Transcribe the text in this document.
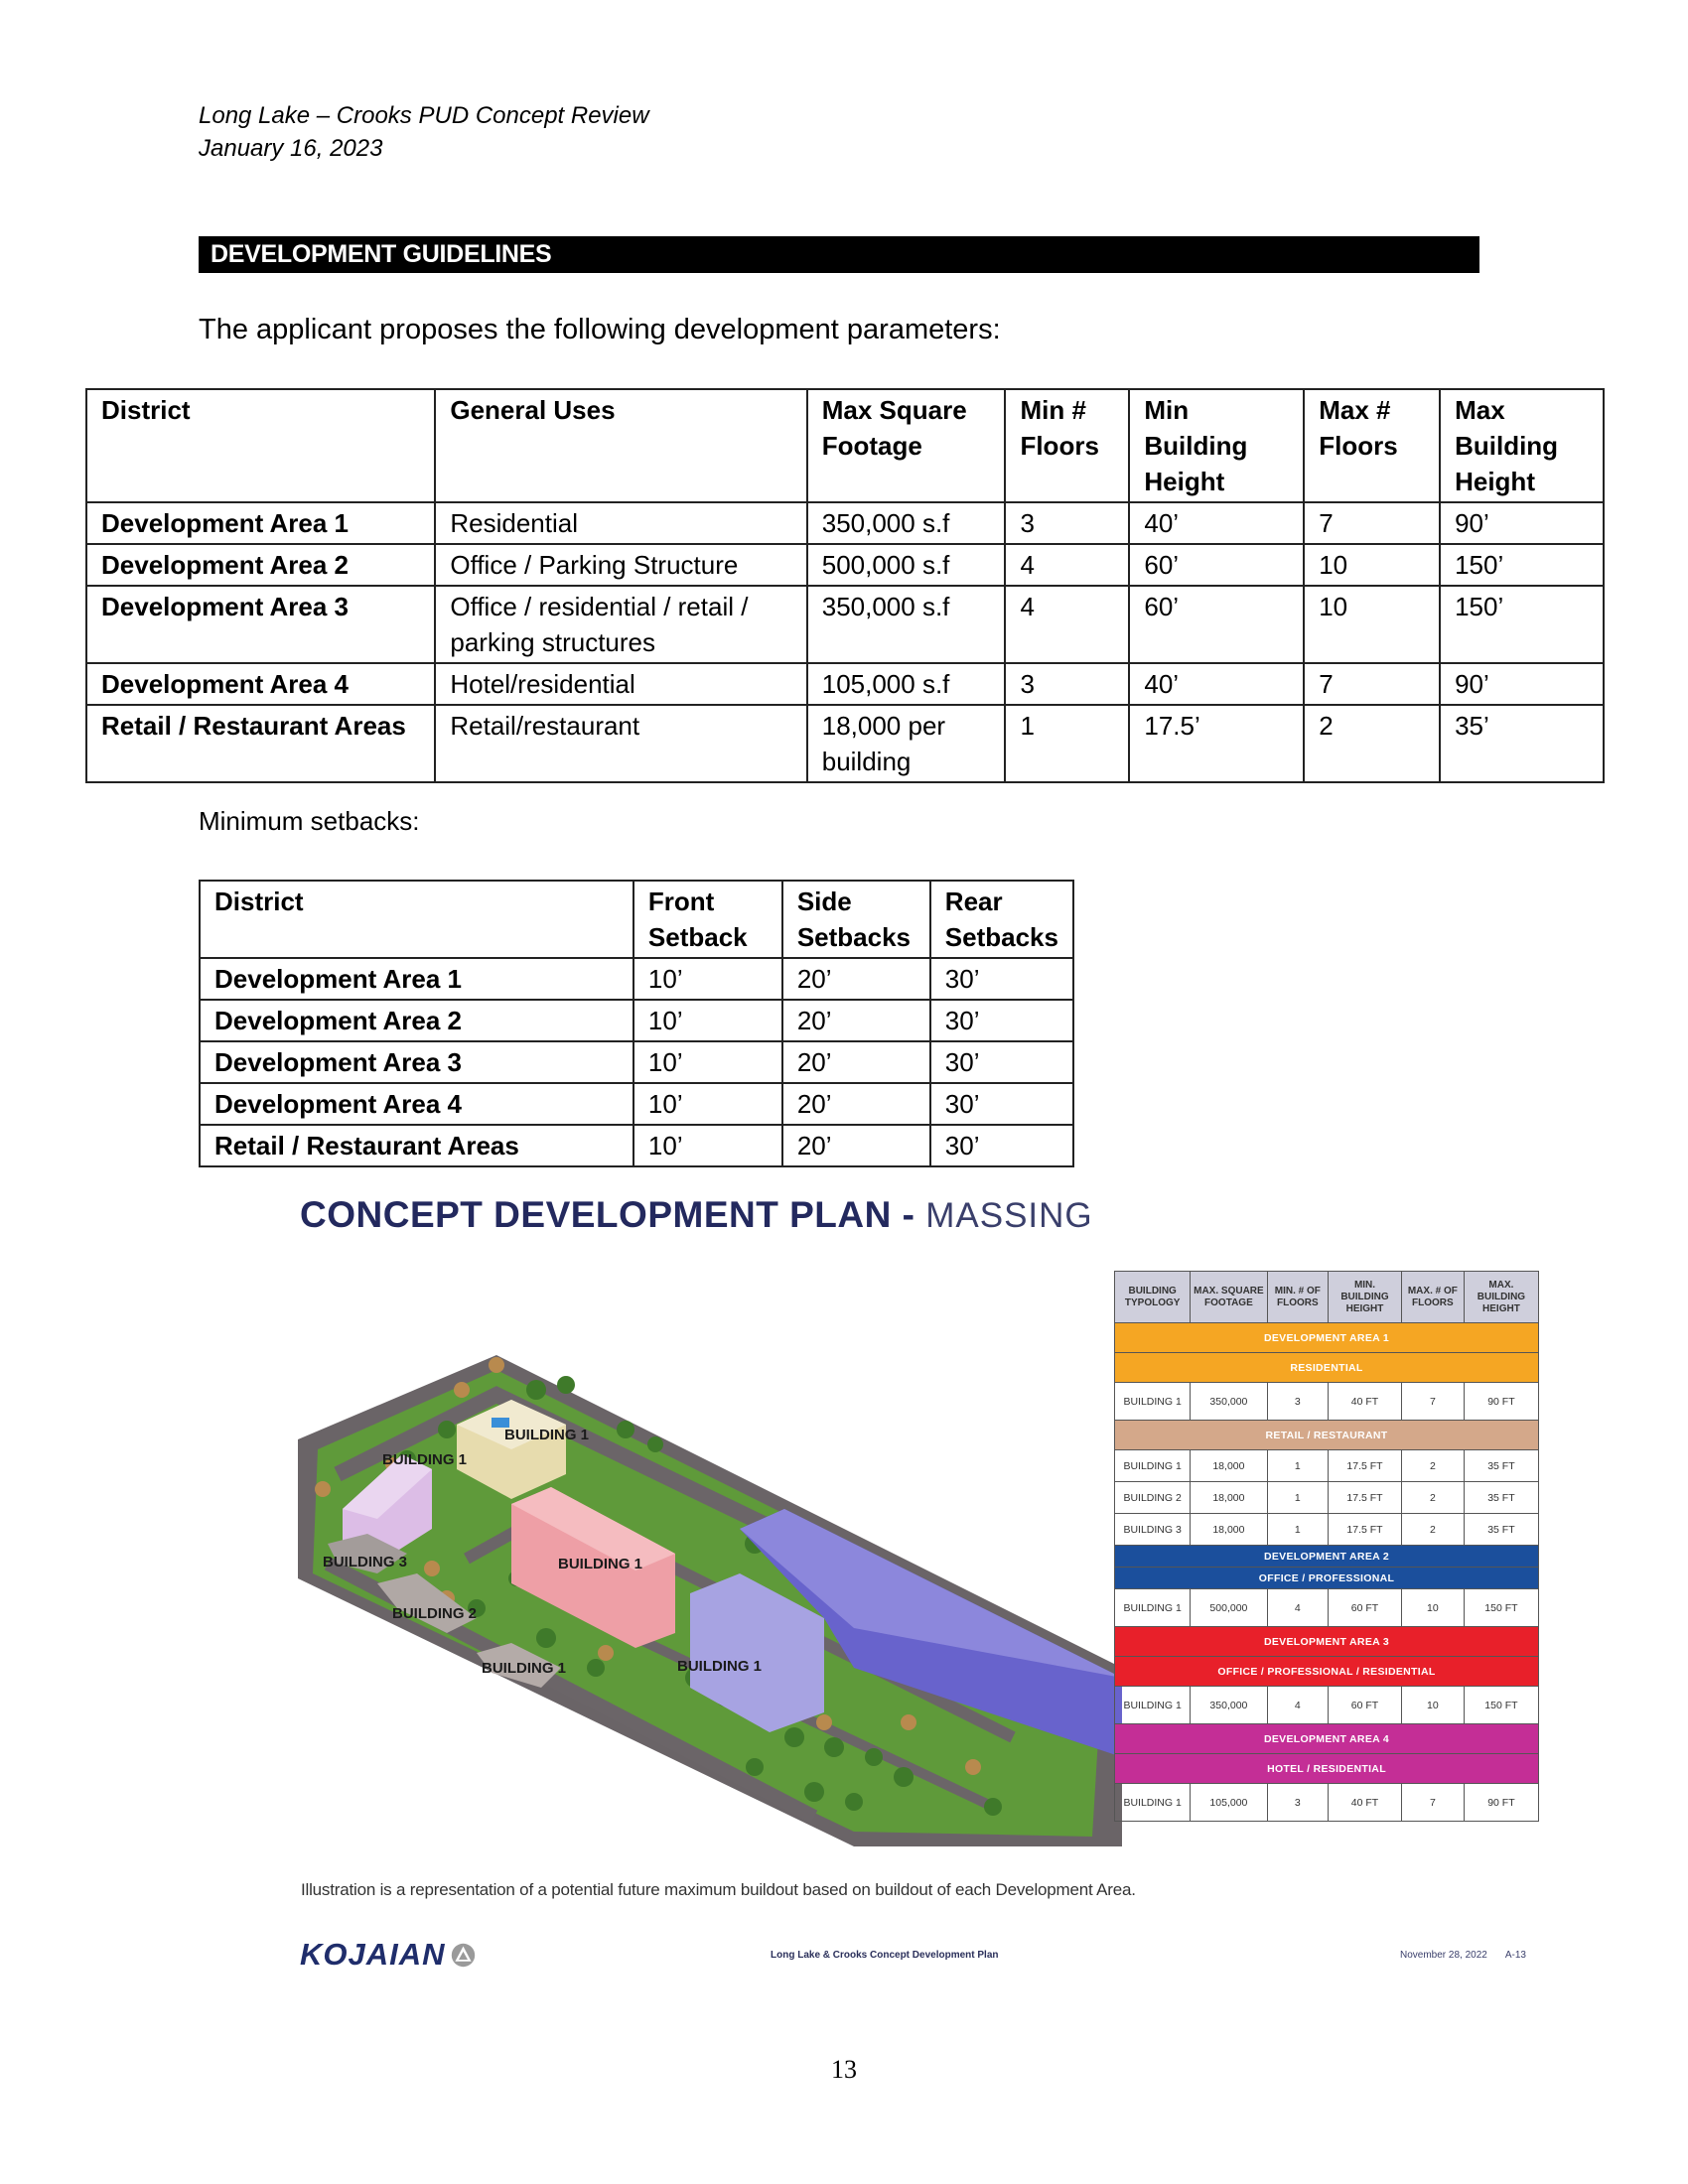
Long Lake – Crooks PUD Concept Review
January 16, 2023
DEVELOPMENT GUIDELINES
The applicant proposes the following development parameters:
District	General Uses	Max Square Footage	Min # Floors	Min Building Height	Max # Floors	Max Building Height
Development Area 1	Residential	350,000 s.f	3	40’	7	90’
Development Area 2	Office / Parking Structure	500,000 s.f	4	60’	10	150’
Development Area 3	Office / residential / retail / parking structures	350,000 s.f	4	60’	10	150’
Development Area 4	Hotel/residential	105,000 s.f	3	40’	7	90’
Retail / Restaurant Areas	Retail/restaurant	18,000 per building	1	17.5’	2	35’
Minimum setbacks:
District	Front Setback	Side Setbacks	Rear Setbacks
Development Area 1	10’	20’	30’
Development Area 2	10’	20’	30’
Development Area 3	10’	20’	30’
Development Area 4	10’	20’	30’
Retail / Restaurant Areas	10’	20’	30’
CONCEPT DEVELOPMENT PLAN - MASSING
BUILDING 1
BUILDING 1
BUILDING 3
BUILDING 2
BUILDING 1
BUILDING 1	BUILDING 1
BUILDING TYPOLOGY	MAX. SQUARE FOOTAGE	MIN. # OF FLOORS	MIN. BUILDING HEIGHT	MAX. # OF FLOORS	MAX. BUILDING HEIGHT
DEVELOPMENT AREA 1					
RESIDENTIAL					
BUILDING 1	350,000	3	40 FT	7	90 FT
RETAIL / RESTAURANT					
BUILDING 1	18,000	1	17.5 FT	2	35 FT
BUILDING 2	18,000	1	17.5 FT	2	35 FT
BUILDING 3	18,000	1	17.5 FT	2	35 FT
DEVELOPMENT AREA 2					
OFFICE / PROFESSIONAL					
BUILDING 1	500,000	4	60 FT	10	150 FT
DEVELOPMENT AREA 3					
OFFICE / PROFESSIONAL / RESIDENTIAL					
BUILDING 1	350,000	4	60 FT	10	150 FT
DEVELOPMENT AREA 4					
HOTEL / RESIDENTIAL					
BUILDING 1	105,000	3	40 FT	7	90 FT
Illustration is a representation of a potential future maximum buildout based on buildout of each Development Area.
KOJAIAN	Long Lake & Crooks Concept Development Plan	November 28, 2022 A-13
13
